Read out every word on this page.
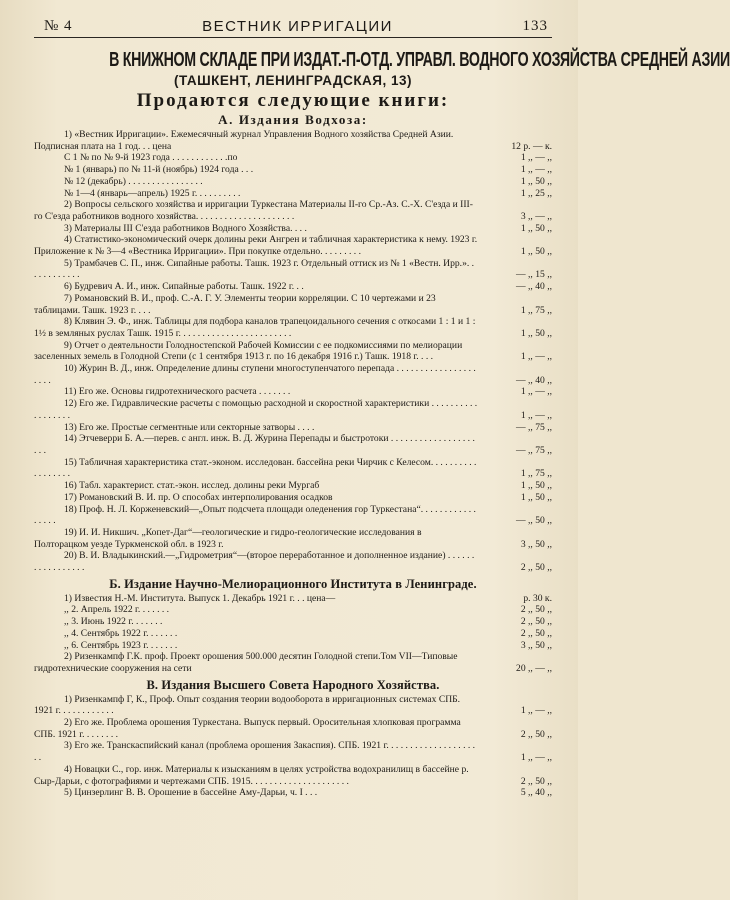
№ 4	ВЕСТНИК ИРРИГАЦИИ	133
В КНИЖНОМ СКЛАДЕ ПРИ ИЗДАТ.-П-ОТД. УПРАВЛ. ВОДНОГО ХОЗЯЙСТВА СРЕДНЕЙ АЗИИ
(ТАШКЕНТ, ЛЕНИНГРАДСКАЯ, 13)
Продаются следующие книги:
А. Издания Водхоза:
1) «Вестник Ирригации». Ежемесячный журнал Управления Водного хозяйства Средней Азии. Подписная плата на 1 год. . . цена	12 р. — к.
С 1 № по № 9-й 1923 года . . . . . . . . . . . .по	1 ,, — ,,
№ 1 (январь) по № 11-й (ноябрь) 1924 года . . .	1 ,, — ,,
№ 12 (декабрь) . . . . . . . . . . . . . . . .	1 ,, 50 ,,
№ 1—4 (январь—апрель) 1925 г. . . . . . . . . .	1 ,, 25 ,,
2) Вопросы сельского хозяйства и ирригации Туркестана Материалы II-го Ср.-Аз. С.-Х. С'езда и III-го С'езда работников водного хозяйства. . . . . . . . . . . . . . . . . . . . .	3 ,, — ,,
3) Материалы III С'езда работников Водного Хозяйства. . . .	1 ,, 50 ,,
4) Статистико-экономический очерк долины реки Ангрен и табличная характеристика к нему. 1923 г. Приложение к № 3—4 «Вестника Ирригации». При покупке отдельно. . . . . . . . .	1 ,, 50 ,,
5) Трамбачев С. П., инж. Сипайные работы. Ташк. 1923 г. Отдельный оттиск из № 1 «Вестн. Ирр.». . . . . . . . . . . .	— ,, 15 ,,
6) Будревич А. И., инж. Сипайные работы. Ташк. 1922 г. . .	— ,, 40 ,,
7) Романовский В. И., проф. С.-А. Г. У. Элементы теории корреляции. С 10 чертежами и 23 таблицами. Ташк. 1923 г. . . .	1 ,, 75 ,,
8) Клявин Э. Ф., инж. Таблицы для подбора каналов трапецоидального сечения с откосами 1 : 1 и 1 : 1½ в земляных руслах Ташк. 1915 г. . . . . . . . . . . . . . . . . . . . . . . .	1 ,, 50 ,,
9) Отчет о деятельности Голодностепской Рабочей Комиссии с ее подкомиссиями по мелиорации заселенных земель в Голодной Степи (с 1 сентября 1913 г. по 16 декабря 1916 г.) Ташк. 1918 г. . . .	1 ,, — ,,
10) Журин В. Д., инж. Определение длины ступени многоступенчатого перепада . . . . . . . . . . . . . . . . . . . . .	— ,, 40 ,,
11) Его же. Основы гидротехнического расчета . . . . . . .	1 ,, — ,,
12) Его же. Гидравлические расчеты с помощью расходной и скоростной характеристики . . . . . . . . . . . . . . . . . .	1 ,, — ,,
13) Его же. Простые сегментные или секторные затворы . . . .	— ,, 75 ,,
14) Этчеверри Б. А.—перев. с англ. инж. В. Д. Журина Перепады и быстротоки . . . . . . . . . . . . . . . . . . . . .	— ,, 75 ,,
15) Табличная характеристика стат.-эконом. исследован. бассейна реки Чирчик с Келесом. . . . . . . . . . . . . . . . . .	1 ,, 75 ,,
16) Табл. характерист. стат.-экон. исслед. долины реки Мургаб	1 ,, 50 ,,
17) Романовский В. И. пр. О способах интерполирования осадков	1 ,, 50 ,,
18) Проф. Н. Л. Корженевский—„Опыт подсчета площади оледенения гор Туркестана“. . . . . . . . . . . . . . . . .	— ,, 50 ,,
19) И. И. Никшич. „Копет-Даг“—геологические и гидро-геологические исследования в Полторацком уезде Туркменской обл. в 1923 г.	3 ,, 50 ,,
20) В. И. Владыкинский.—„Гидрометрия“—(второе переработанное и дополненное издание) . . . . . . . . . . . . . . . . .	2 ,, 50 ,,
Б. Издание Научно-Мелиорационного Института в Ленинграде.
1) Известия Н.-М. Института. Выпуск 1. Декабрь 1921 г. . . цена—	р. 30 к.
,, 2. Апрель 1922 г. . . . . . .	2 ,, 50 ,,
,, 3. Июнь 1922 г. . . . . . .	2 ,, 50 ,,
,, 4. Сентябрь 1922 г. . . . . . .	2 ,, 50 ,,
,, 6. Сентябрь 1923 г. . . . . . .	3 ,, 50 ,,
2) Ризенкампф Г.К. проф. Проект орошения 500.000 десятин Голодной степи.Том VII—Типовые гидротехнические сооружения на сети	20 ,, — ,,
В. Издания Высшего Совета Народного Хозяйства.
1) Ризенкампф Г, К., Проф. Опыт создания теории водооборота в ирригационных системах СПБ. 1921 г. . . . . . . . . . . .	1 ,, — ,,
2) Его же. Проблема орошения Туркестана. Выпуск первый. Оросительная хлопковая программа СПБ. 1921 г. . . . . . . .	2 ,, 50 ,,
3) Его же. Транскаспийский канал (проблема орошения Закаспия). СПБ. 1921 г. . . . . . . . . . . . . . . . . . . . .	1 ,, — ,,
4) Новацки С., гор. инж. Материалы к изысканиям в целях устройства водохранилищ в бассейне р. Сыр-Дарьи, с фотографиями и чертежами СПБ. 1915. . . . . . . . . . . . . . . . . . . . .	2 ,, 50 ,,
5) Цинзерлинг В. В. Орошение в бассейне Аму-Дарьи, ч. I . . .	5 ,, 40 ,,
